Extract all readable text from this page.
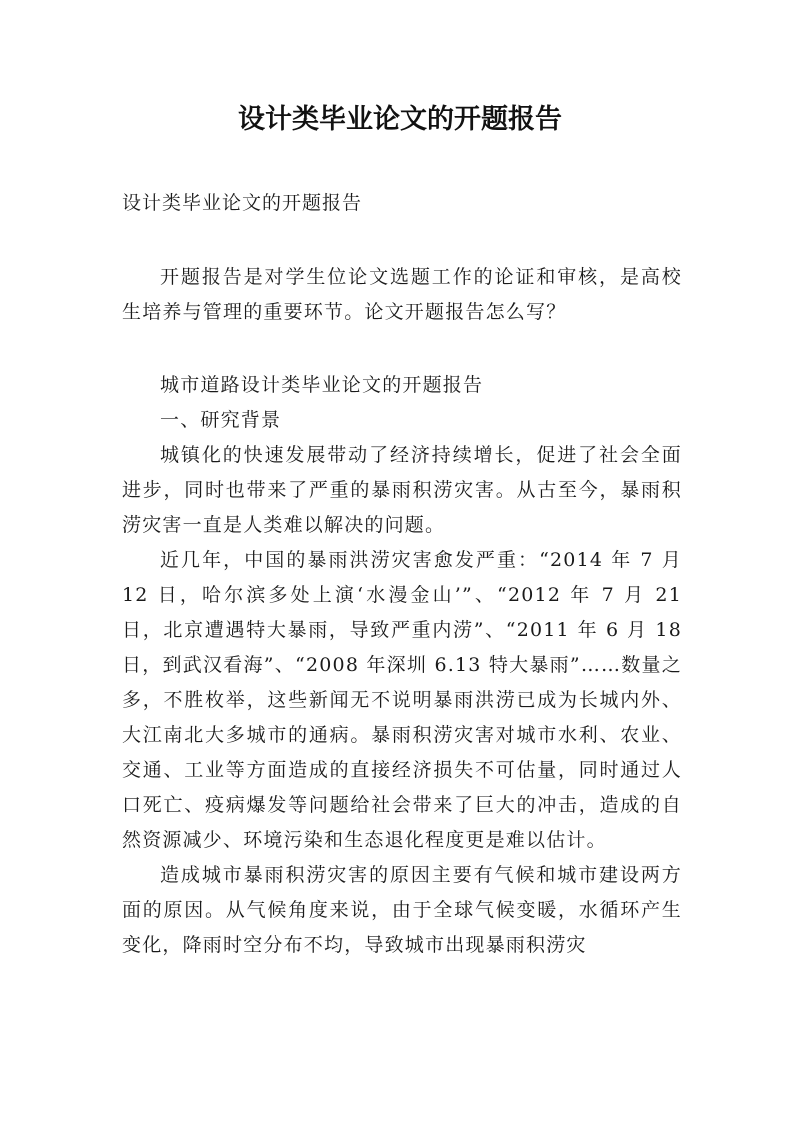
设计类毕业论文的开题报告
设计类毕业论文的开题报告

开题报告是对学生位论文选题工作的论证和审核，是高校生培养与管理的重要环节。论文开题报告怎么写？

城市道路设计类毕业论文的开题报告

一、研究背景

城镇化的快速发展带动了经济持续增长，促进了社会全面进步，同时也带来了严重的暴雨积涝灾害。从古至今，暴雨积涝灾害一直是人类难以解决的问题。

近几年，中国的暴雨洪涝灾害愈发严重：“2014 年 7 月 12 日，哈尔滨多处上演‘水漫金山’”、“2012 年 7 月 21 日，北京遭遇特大暴雨，导致严重内涝”、“2011 年 6 月 18 日，到武汉看海”、“2008 年深圳 6.13 特大暴雨”……数量之多，不胜枚举，这些新闻无不说明暴雨洪涝已成为长城内外、大江南北大多城市的通病。暴雨积涝灾害对城市水利、农业、交通、工业等方面造成的直接经济损失不可估量，同时通过人口死亡、疫病爆发等问题给社会带来了巨大的冲击，造成的自然资源减少、环境污染和生态退化程度更是难以估计。

造成城市暴雨积涝灾害的原因主要有气候和城市建设两方面的原因。从气候角度来说，由于全球气候变暖，水循环产生变化，降雨时空分布不均，导致城市出现暴雨积涝灾
